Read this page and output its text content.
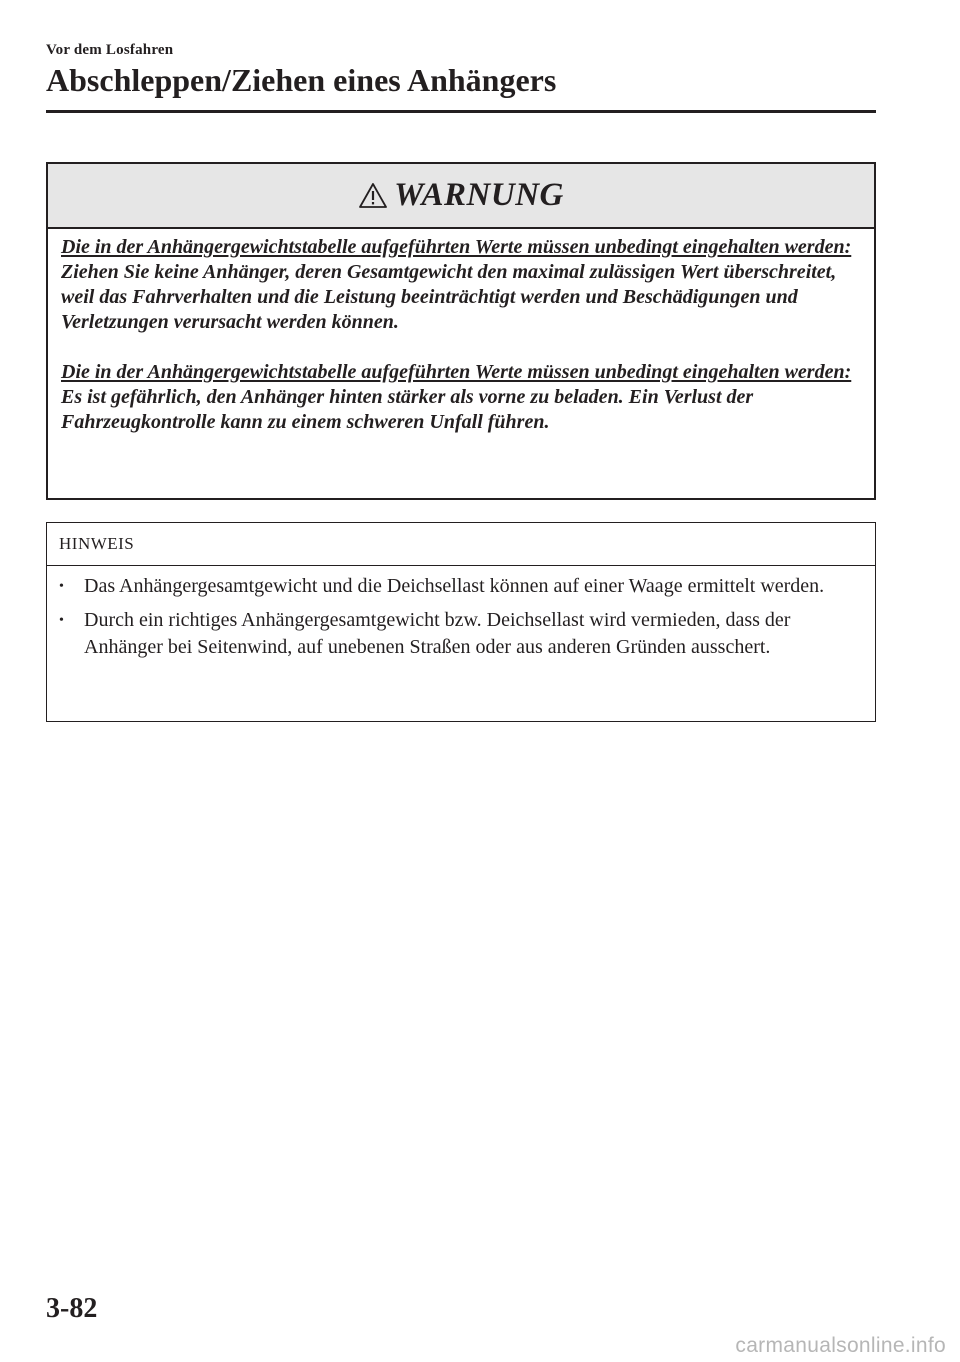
Vor dem Losfahren
Abschleppen/Ziehen eines Anhängers
WARNUNG

Die in der Anhängergewichtstabelle aufgeführten Werte müssen unbedingt eingehalten werden:
Ziehen Sie keine Anhänger, deren Gesamtgewicht den maximal zulässigen Wert überschreitet, weil das Fahrverhalten und die Leistung beeinträchtigt werden und Beschädigungen und Verletzungen verursacht werden können.

Die in der Anhängergewichtstabelle aufgeführten Werte müssen unbedingt eingehalten werden:
Es ist gefährlich, den Anhänger hinten stärker als vorne zu beladen. Ein Verlust der Fahrzeugkontrolle kann zu einem schweren Unfall führen.

HINWEIS
• Das Anhängergesamtgewicht und die Deichsellast können auf einer Waage ermittelt werden.
• Durch ein richtiges Anhängergesamtgewicht bzw. Deichsellast wird vermieden, dass der Anhänger bei Seitenwind, auf unebenen Straßen oder aus anderen Gründen ausschert.
3-82
carmanualsonline.info
